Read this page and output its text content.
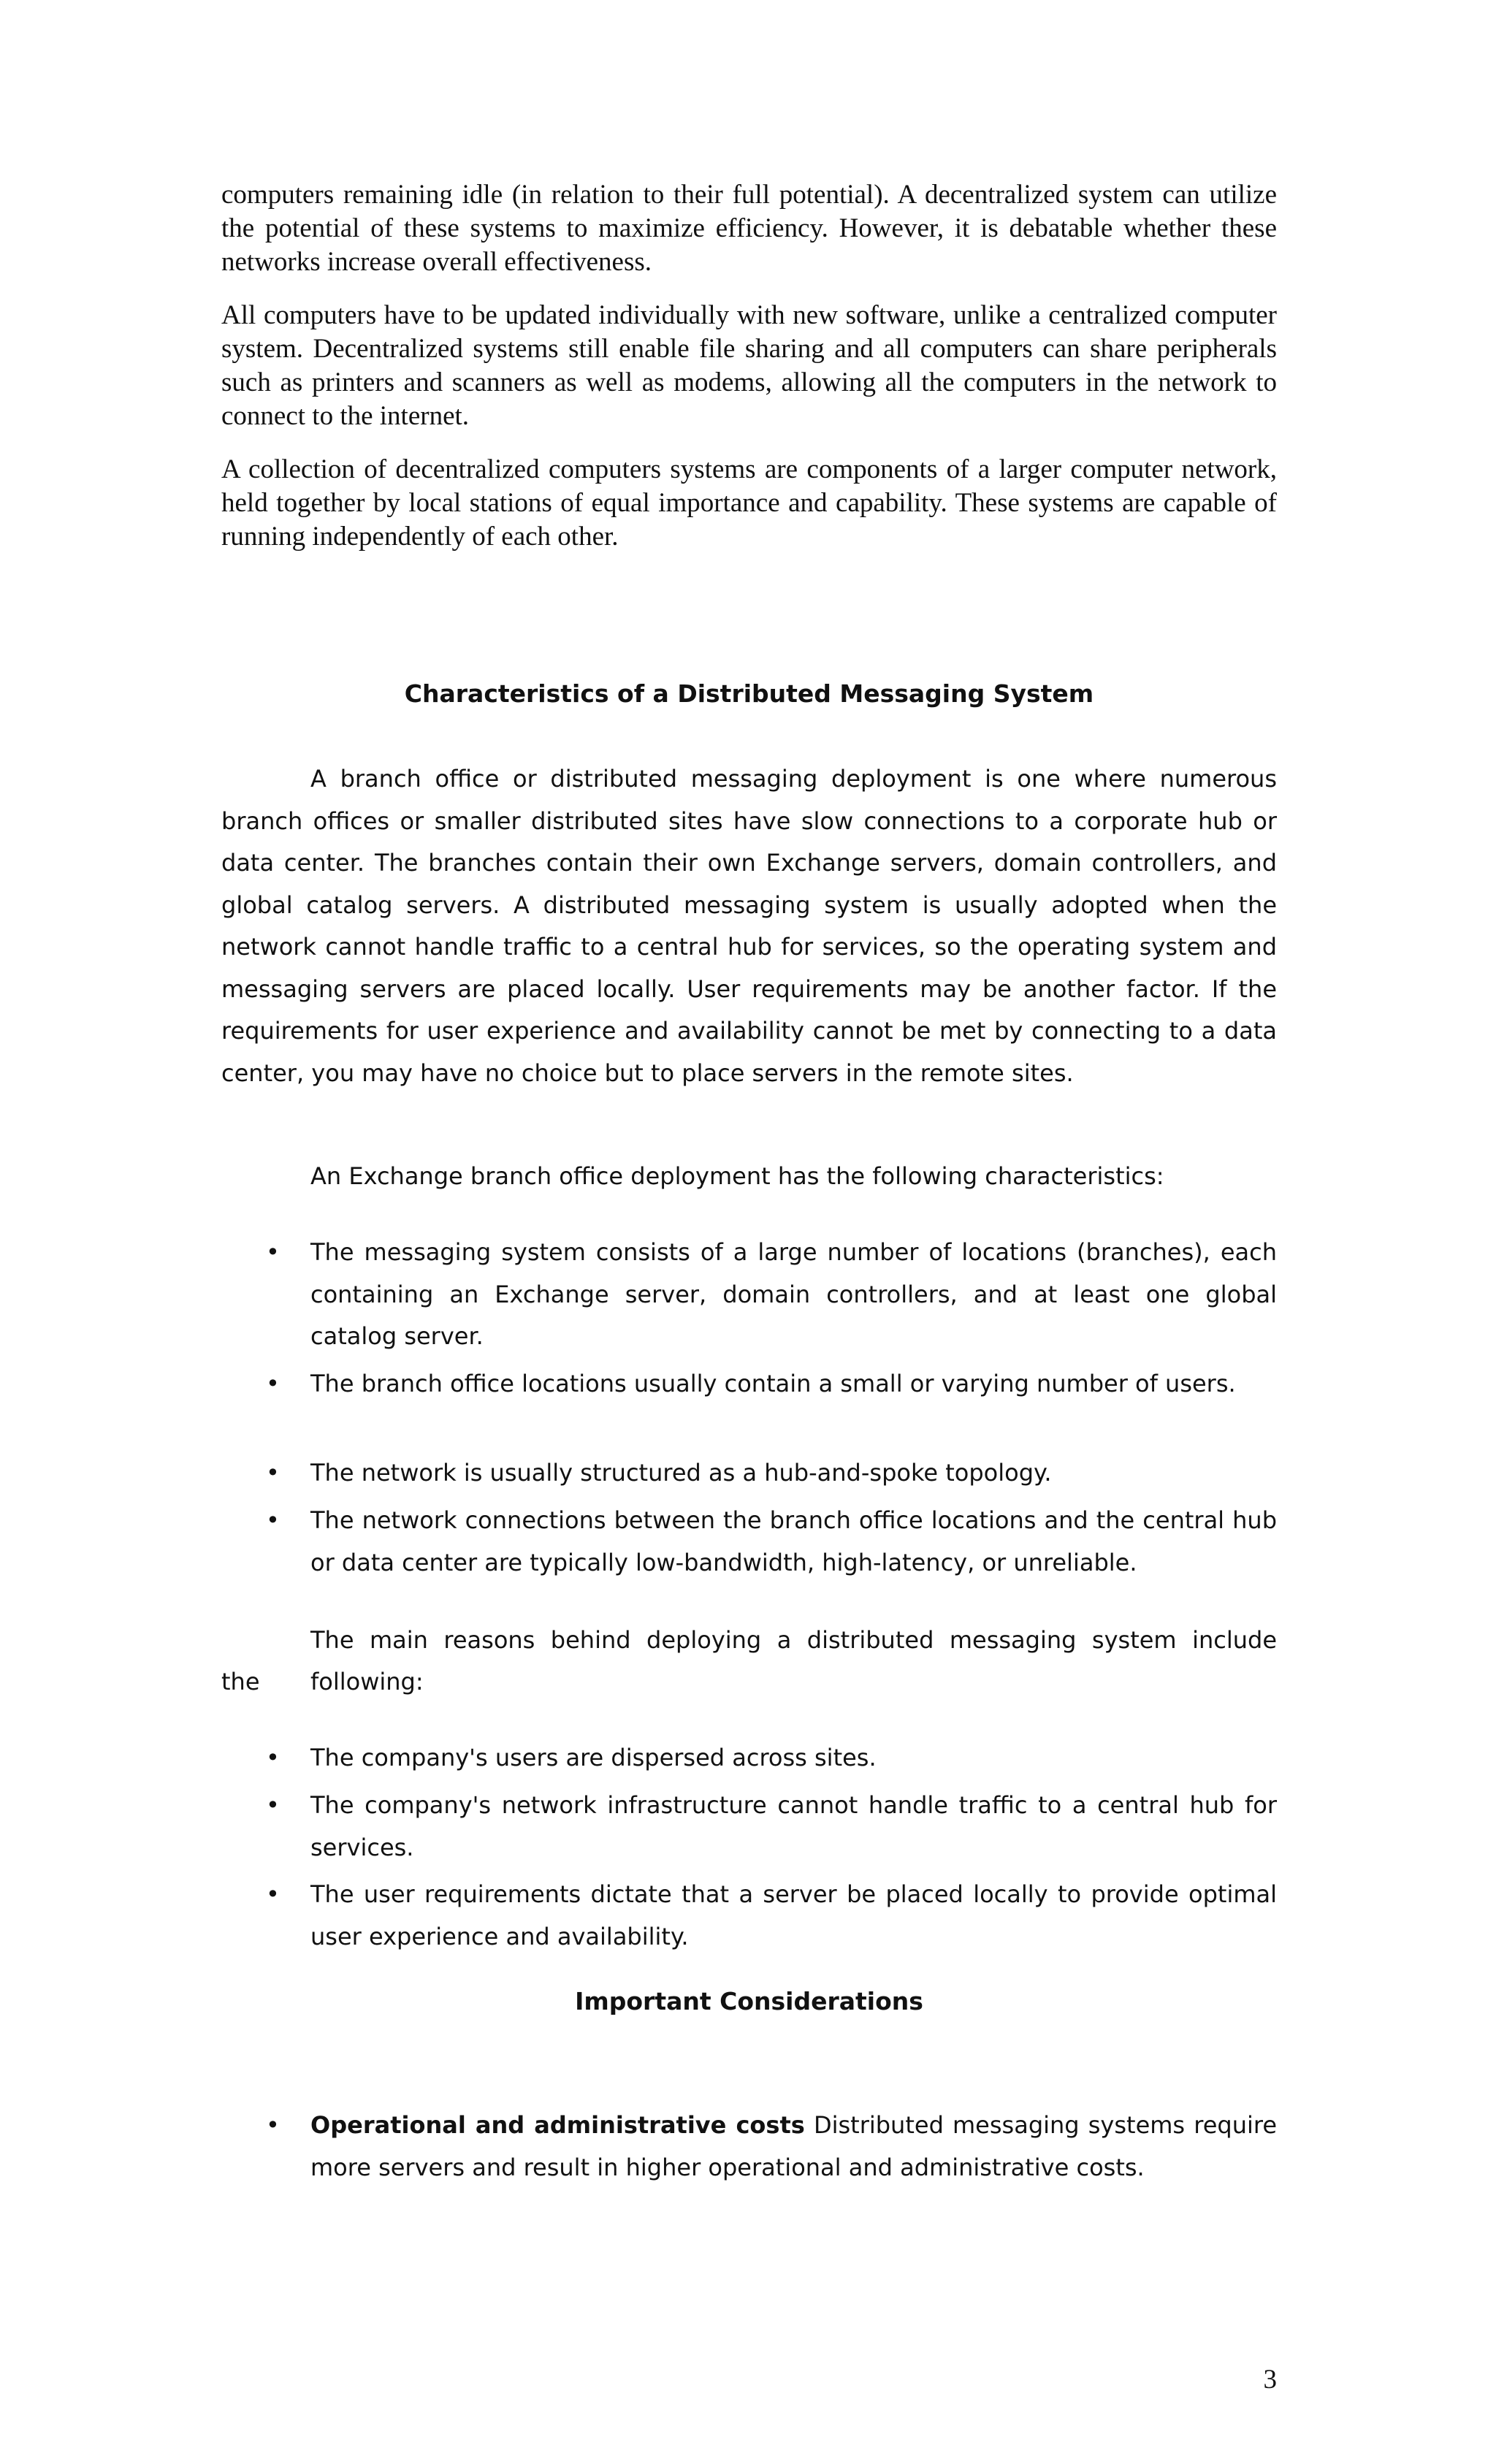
computers remaining idle (in relation to their full potential). A decentralized system can utilize the potential of these systems to maximize efficiency. However, it is debatable whether these networks increase overall effectiveness.

All computers have to be updated individually with new software, unlike a centralized computer system. Decentralized systems still enable file sharing and all computers can share peripherals such as printers and scanners as well as modems, allowing all the computers in the network to connect to the internet.

A collection of decentralized computers systems are components of a larger computer network, held together by local stations of equal importance and capability. These systems are capable of running independently of each other.

Characteristics of a Distributed Messaging System

A branch office or distributed messaging deployment is one where numerous branch offices or smaller distributed sites have slow connections to a corporate hub or data center. The branches contain their own Exchange servers, domain controllers, and global catalog servers. A distributed messaging system is usually adopted when the network cannot handle traffic to a central hub for services, so the operating system and messaging servers are placed locally. User requirements may be another factor. If the requirements for user experience and availability cannot be met by connecting to a data center, you may have no choice but to place servers in the remote sites.

An Exchange branch office deployment has the following characteristics:

• The messaging system consists of a large number of locations (branches), each containing an Exchange server, domain controllers, and at least one global catalog server.
• The branch office locations usually contain a small or varying number of users.
• The network is usually structured as a hub-and-spoke topology.
• The network connections between the branch office locations and the central hub or data center are typically low-bandwidth, high-latency, or unreliable.

The main reasons behind deploying a distributed messaging system include

the following:

• The company's users are dispersed across sites.
• The company's network infrastructure cannot handle traffic to a central hub for services.
• The user requirements dictate that a server be placed locally to provide optimal user experience and availability.
Important Considerations
• Operational and administrative costs Distributed messaging systems require more servers and result in higher operational and administrative costs.
3
